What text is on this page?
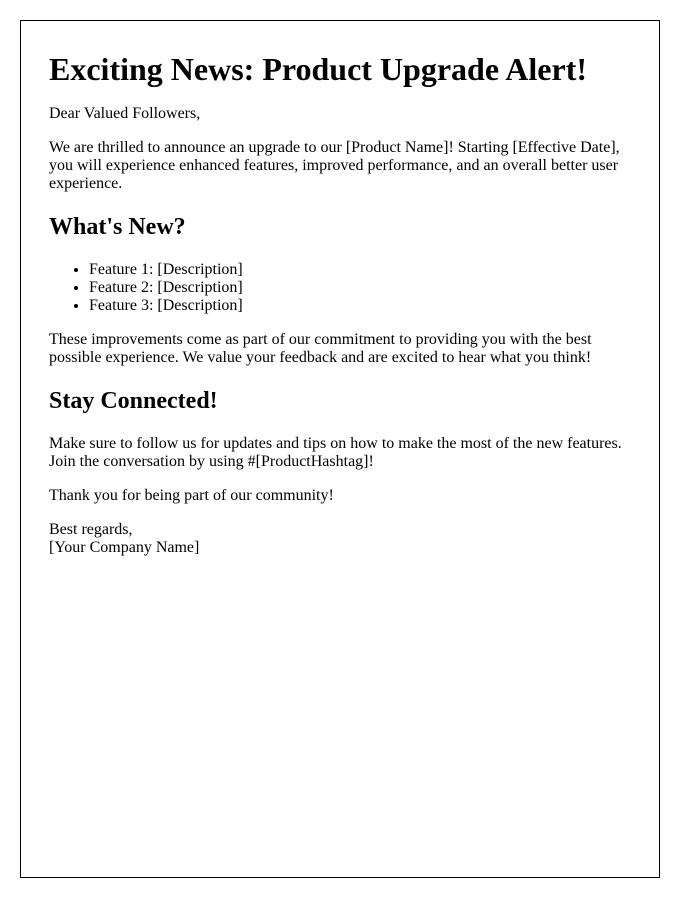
Exciting News: Product Upgrade Alert!

Dear Valued Followers,

We are thrilled to announce an upgrade to our [Product Name]! Starting [Effective Date], you will experience enhanced features, improved performance, and an overall better user experience.

What's New?
• Feature 1: [Description]
• Feature 2: [Description]
• Feature 3: [Description]

These improvements come as part of our commitment to providing you with the best possible experience. We value your feedback and are excited to hear what you think!

Stay Connected!

Make sure to follow us for updates and tips on how to make the most of the new features. Join the conversation by using #[ProductHashtag]!

Thank you for being part of our community!

Best regards,

[Your Company Name]
